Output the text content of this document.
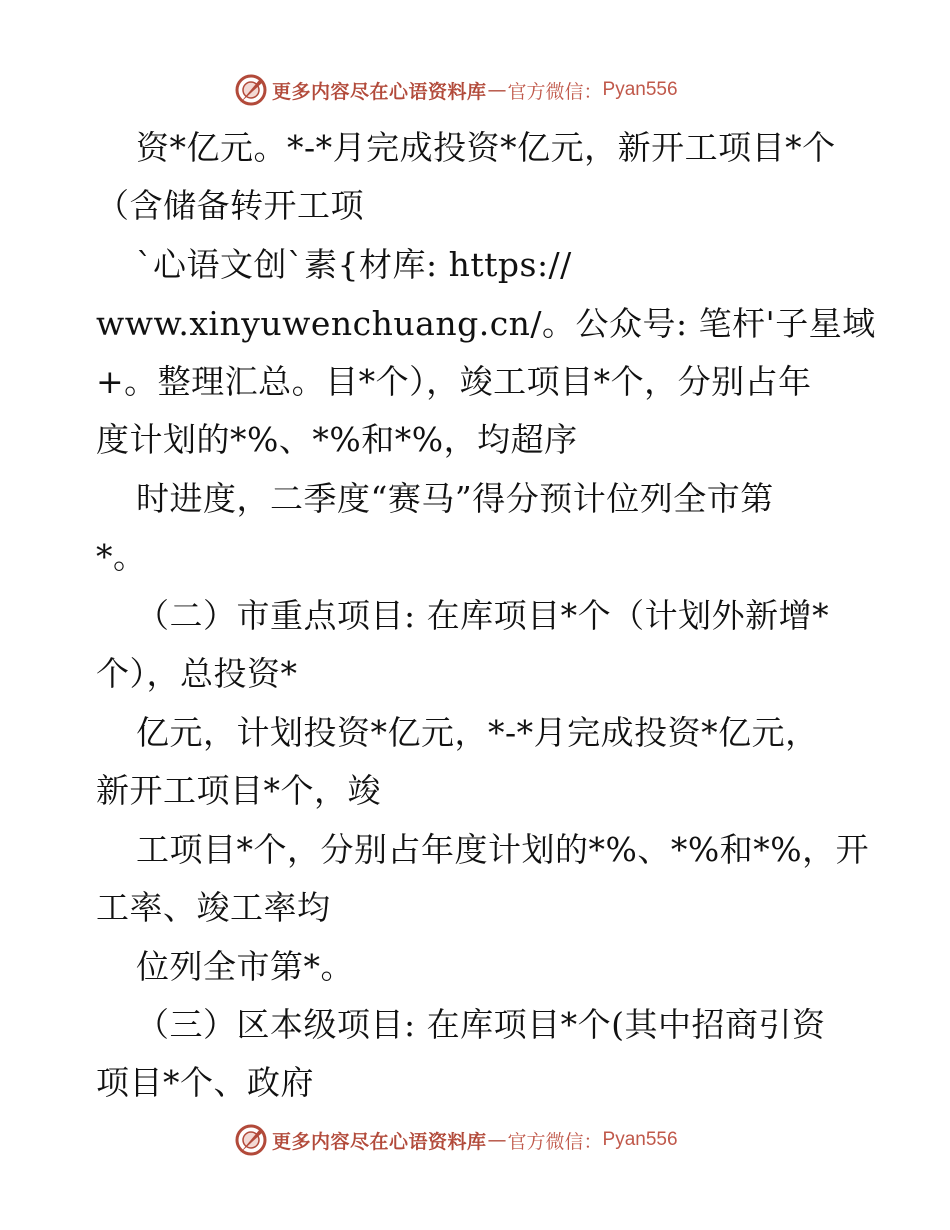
更多内容尽在心语资料库 — 官方微信： Pyan556
资*亿元。*-*月完成投资*亿元，新开工项目*个
（含储备转开工项
`心语文创`素{材库: https://
www.xinyuwenchuang.cn/。公众号: 笔杆'子星域
+。整理汇总。目*个），竣工项目*个，分别占年
度计划的*%、*%和*%，均超序
时进度，二季度“赛马”得分预计位列全市第
*。
（二）市重点项目: 在库项目*个（计划外新增*
个），总投资*
亿元，计划投资*亿元，*-*月完成投资*亿元，
新开工项目*个，竣
工项目*个，分别占年度计划的*%、*%和*%，开
工率、竣工率均
位列全市第*。
（三）区本级项目: 在库项目*个(其中招商引资
项目*个、政府
更多内容尽在心语资料库 — 官方微信： Pyan556
